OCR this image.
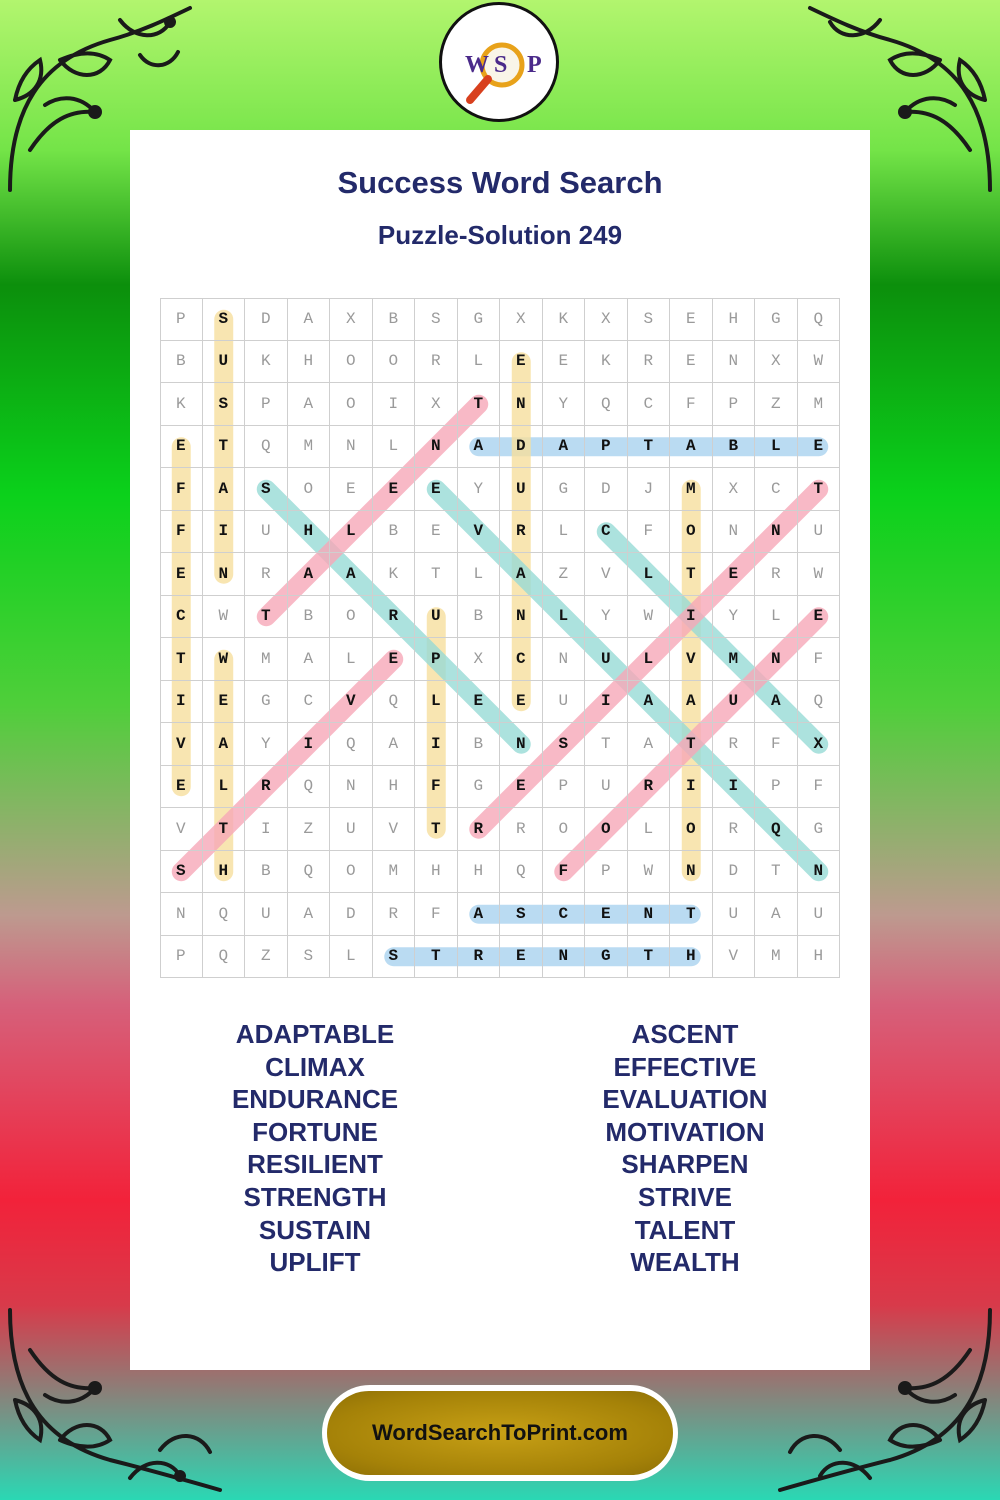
W S P
Success Word Search
Puzzle-Solution 249
P	S	D	A	X	B	S	G	X	K	X	S	E	H	G	Q
B	U	K	H	O	O	R	L	E	E	K	R	E	N	X	W
K	S	P	A	O	I	X	T	N	Y	Q	C	F	P	Z	M
E	T	Q	M	N	L	N	A	D	A	P	T	A	B	L	E
F	A	S	O	E	E	E	Y	U	G	D	J	M	X	C	T
F	I	U	H	L	B	E	V	R	L	C	F	O	N	N	U
E	N	R	A	A	K	T	L	A	Z	V	L	T	E	R	W
C	W	T	B	O	R	U	B	N	L	Y	W	I	Y	L	E
T	W	M	A	L	E	P	X	C	N	U	L	V	M	N	F
I	E	G	C	V	Q	L	E	E	U	I	A	A	U	A	Q
V	A	Y	I	Q	A	I	B	N	S	T	A	T	R	F	X
E	L	R	Q	N	H	F	G	E	P	U	R	I	I	P	F
V	T	I	Z	U	V	T	R	R	O	O	L	O	R	Q	G
S	H	B	Q	O	M	H	H	Q	F	P	W	N	D	T	N
N	Q	U	A	D	R	F	A	S	C	E	N	T	U	A	U
P	Q	Z	S	L	S	T	R	E	N	G	T	H	V	M	H
ADAPTABLE
CLIMAX
ENDURANCE
FORTUNE
RESILIENT
STRENGTH
SUSTAIN
UPLIFT
ASCENT
EFFECTIVE
EVALUATION
MOTIVATION
SHARPEN
STRIVE
TALENT
WEALTH
WordSearchToPrint.com
